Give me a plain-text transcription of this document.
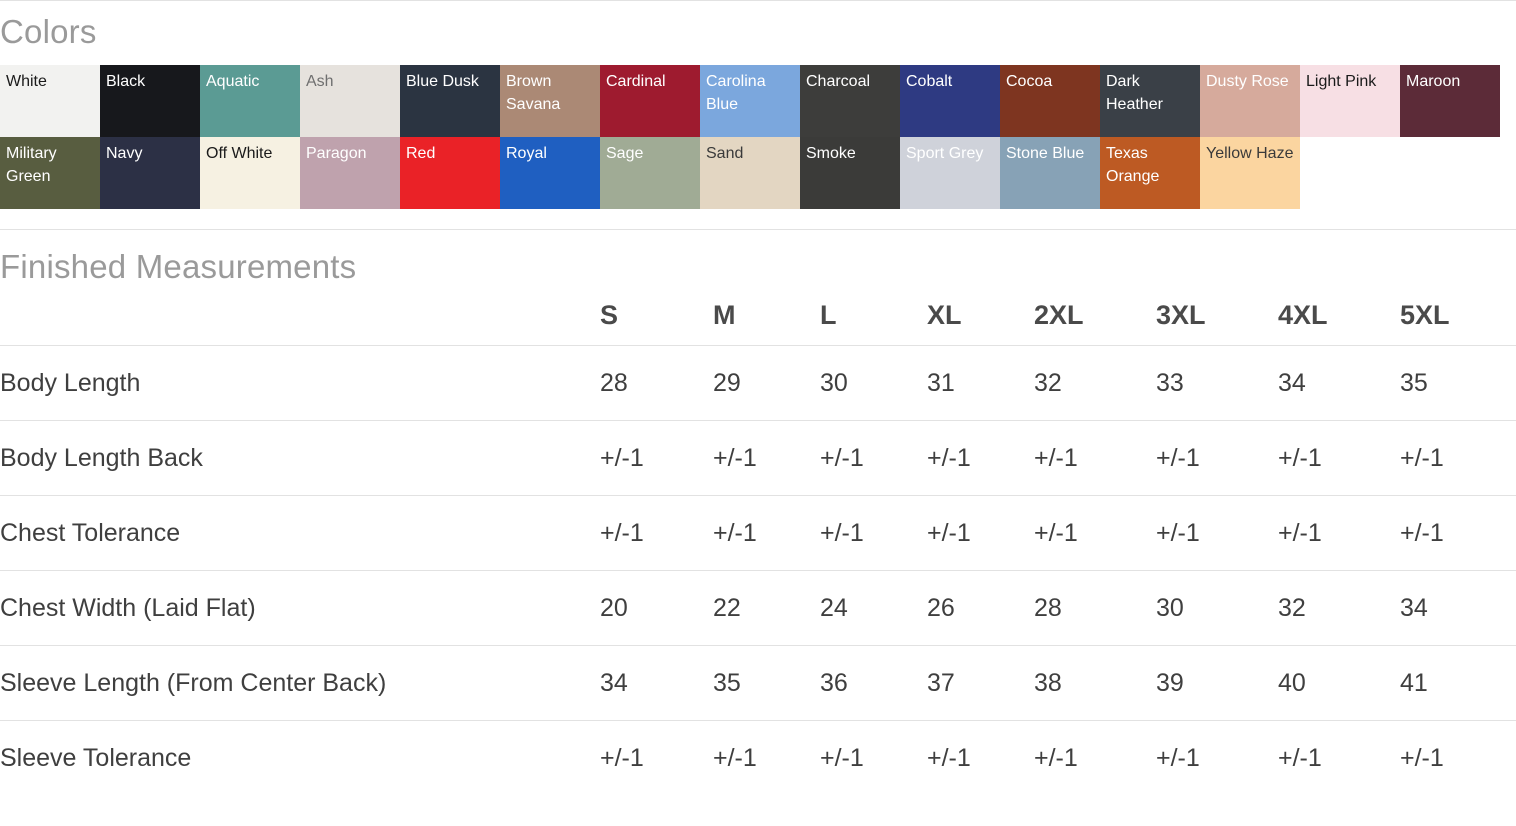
Colors
White	Black	Aquatic	Ash	Blue Dusk	Brown Savana
Cardinal	Carolina Blue
Charcoal	Cobalt	Cocoa	Dark Heather
Dusty Rose	Light Pink	Maroon
Military Green
Navy	Off White	Paragon	Red	Royal	Sage	Sand	Smoke	Sport Grey	Stone Blue	Texas Orange
Yellow Haze
Finished Measurements
	S	M	L	XL	2XL	3XL	4XL	5XL
Body Length	28	29	30	31	32	33	34	35
Body Length Back	+/-1	+/-1	+/-1	+/-1	+/-1	+/-1	+/-1	+/-1
Chest Tolerance	+/-1	+/-1	+/-1	+/-1	+/-1	+/-1	+/-1	+/-1
Chest Width (Laid Flat)	20	22	24	26	28	30	32	34
Sleeve Length (From Center Back)	34	35	36	37	38	39	40	41
Sleeve Tolerance	+/-1	+/-1	+/-1	+/-1	+/-1	+/-1	+/-1	+/-1
